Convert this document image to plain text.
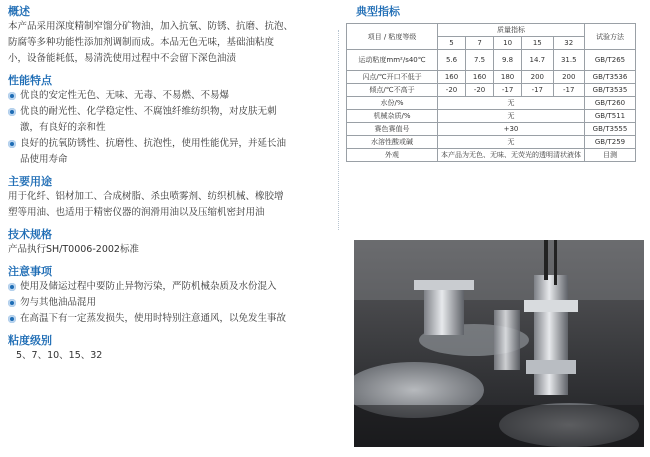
概述

本产品采用深度精制窄馏分矿物油，加入抗氧、防锈、抗磨、抗泡、

防腐等多种功能性添加剂调制而成。本品无色无味，基础油粘度

小，设备能耗低，易清洗使用过程中不会留下深色油渍

性能特点
优良的安定性无色、无味、无毒、不易燃、不易爆
优良的耐光性、化学稳定性、不腐蚀纤维纺织物，对皮肤无刺
激，有良好的亲和性
良好的抗氧防锈性、抗磨性、抗泡性，使用性能优异，并延长油
品使用寿命
主要用途

用于化纤、铝材加工、合成树脂、杀虫喷雾剂、纺织机械、橡胶增

塑等用油、也适用于精密仪器的润滑用油以及压缩机密封用油

技术规格

产品执行SH/T0006-2002标准

注意事项
使用及储运过程中要防止异物污染，严防机械杂质及水份混入
勿与其他油品混用
在高温下有一定蒸发损失，使用时特别注意通风，以免发生事故
粘度级别

5、7、10、15、32

典型指标
项目 / 粘度等级	质量指标					试验方法
	5	7	10	15	32	
运动粘度mm²/s40℃	5.6	7.5	9.8	14.7	31.5	GB/T265
闪点/℃开口不低于	160	160	180	200	200	GB/T3536
倾点/℃不高于	-20	-20	-17	-17	-17	GB/T3535
水份/%	无					GB/T260
机械杂质/%	无					GB/T511
赛色赛值号	+30					GB/T3555
水溶性酸或碱	无					GB/T259
外观	本产品为无色、无味、无荧光的透明清状液体					目测
